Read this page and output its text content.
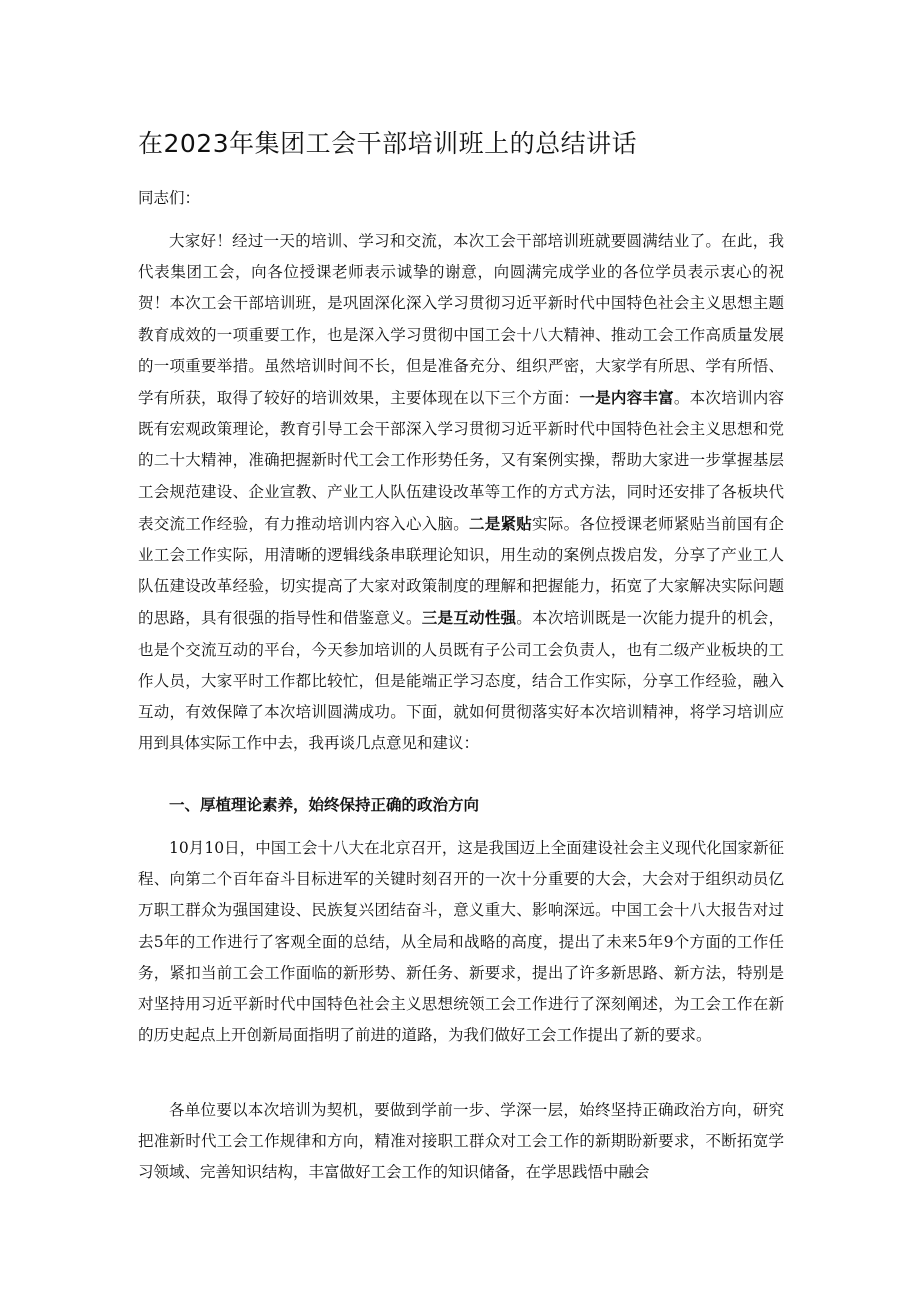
在2023年集团工会干部培训班上的总结讲话

同志们：

大家好！经过一天的培训、学习和交流，本次工会干部培训班就要圆满结业了。在此，我代表集团工会，向各位授课老师表示诚挚的谢意，向圆满完成学业的各位学员表示衷心的祝贺！本次工会干部培训班，是巩固深化深入学习贯彻习近平新时代中国特色社会主义思想主题教育成效的一项重要工作，也是深入学习贯彻中国工会十八大精神、推动工会工作高质量发展的一项重要举措。虽然培训时间不长，但是准备充分、组织严密，大家学有所思、学有所悟、学有所获，取得了较好的培训效果，主要体现在以下三个方面：一是内容丰富。本次培训内容既有宏观政策理论，教育引导工会干部深入学习贯彻习近平新时代中国特色社会主义思想和党的二十大精神，准确把握新时代工会工作形势任务，又有案例实操，帮助大家进一步掌握基层工会规范建设、企业宣教、产业工人队伍建设改革等工作的方式方法，同时还安排了各板块代表交流工作经验，有力推动培训内容入心入脑。二是紧贴实际。各位授课老师紧贴当前国有企业工会工作实际，用清晰的逻辑线条串联理论知识，用生动的案例点拨启发，分享了产业工人队伍建设改革经验，切实提高了大家对政策制度的理解和把握能力，拓宽了大家解决实际问题的思路，具有很强的指导性和借鉴意义。三是互动性强。本次培训既是一次能力提升的机会，也是个交流互动的平台，今天参加培训的人员既有子公司工会负责人，也有二级产业板块的工作人员，大家平时工作都比较忙，但是能端正学习态度，结合工作实际，分享工作经验，融入互动，有效保障了本次培训圆满成功。下面，就如何贯彻落实好本次培训精神，将学习培训应用到具体实际工作中去，我再谈几点意见和建议：

一、厚植理论素养，始终保持正确的政治方向

10月10日，中国工会十八大在北京召开，这是我国迈上全面建设社会主义现代化国家新征程、向第二个百年奋斗目标进军的关键时刻召开的一次十分重要的大会，大会对于组织动员亿万职工群众为强国建设、民族复兴团结奋斗，意义重大、影响深远。中国工会十八大报告对过去5年的工作进行了客观全面的总结，从全局和战略的高度，提出了未来5年9个方面的工作任务，紧扣当前工会工作面临的新形势、新任务、新要求，提出了许多新思路、新方法，特别是对坚持用习近平新时代中国特色社会主义思想统领工会工作进行了深刻阐述，为工会工作在新的历史起点上开创新局面指明了前进的道路，为我们做好工会工作提出了新的要求。

各单位要以本次培训为契机，要做到学前一步、学深一层，始终坚持正确政治方向，研究把准新时代工会工作规律和方向，精准对接职工群众对工会工作的新期盼新要求，不断拓宽学习领域、完善知识结构，丰富做好工会工作的知识储备，在学思践悟中融会
